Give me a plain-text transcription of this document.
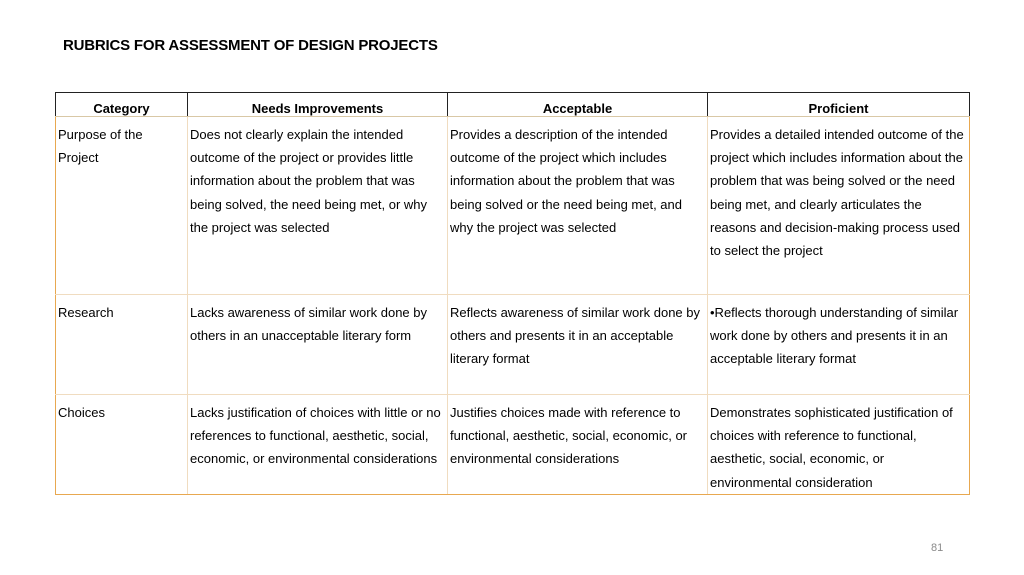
RUBRICS FOR ASSESSMENT OF DESIGN PROJECTS
Category	Needs Improvements	Acceptable	Proficient
Purpose of the Project	Does not clearly explain the intended outcome of the project or provides little information about the problem that was being solved, the need being met, or why the project was selected	Provides a description of the intended outcome of the project which includes information about the problem that was being solved or the need being met, and why the project was selected	Provides a detailed intended outcome of the project which includes information about the problem that was being solved or the need being met, and clearly articulates the reasons and decision-making process used to select the project
Research	Lacks awareness of similar work done by others in an unacceptable literary form	Reflects awareness of similar work done by others and presents it in an acceptable literary format	•Reflects thorough understanding of similar work done by others and presents it in an acceptable literary format
Choices	Lacks justification of choices with little or no references to functional, aesthetic, social, economic, or environmental considerations	Justifies choices made with reference to functional, aesthetic, social, economic, or environmental considerations	Demonstrates sophisticated justification of choices with reference to functional, aesthetic, social, economic, or environmental consideration
81
